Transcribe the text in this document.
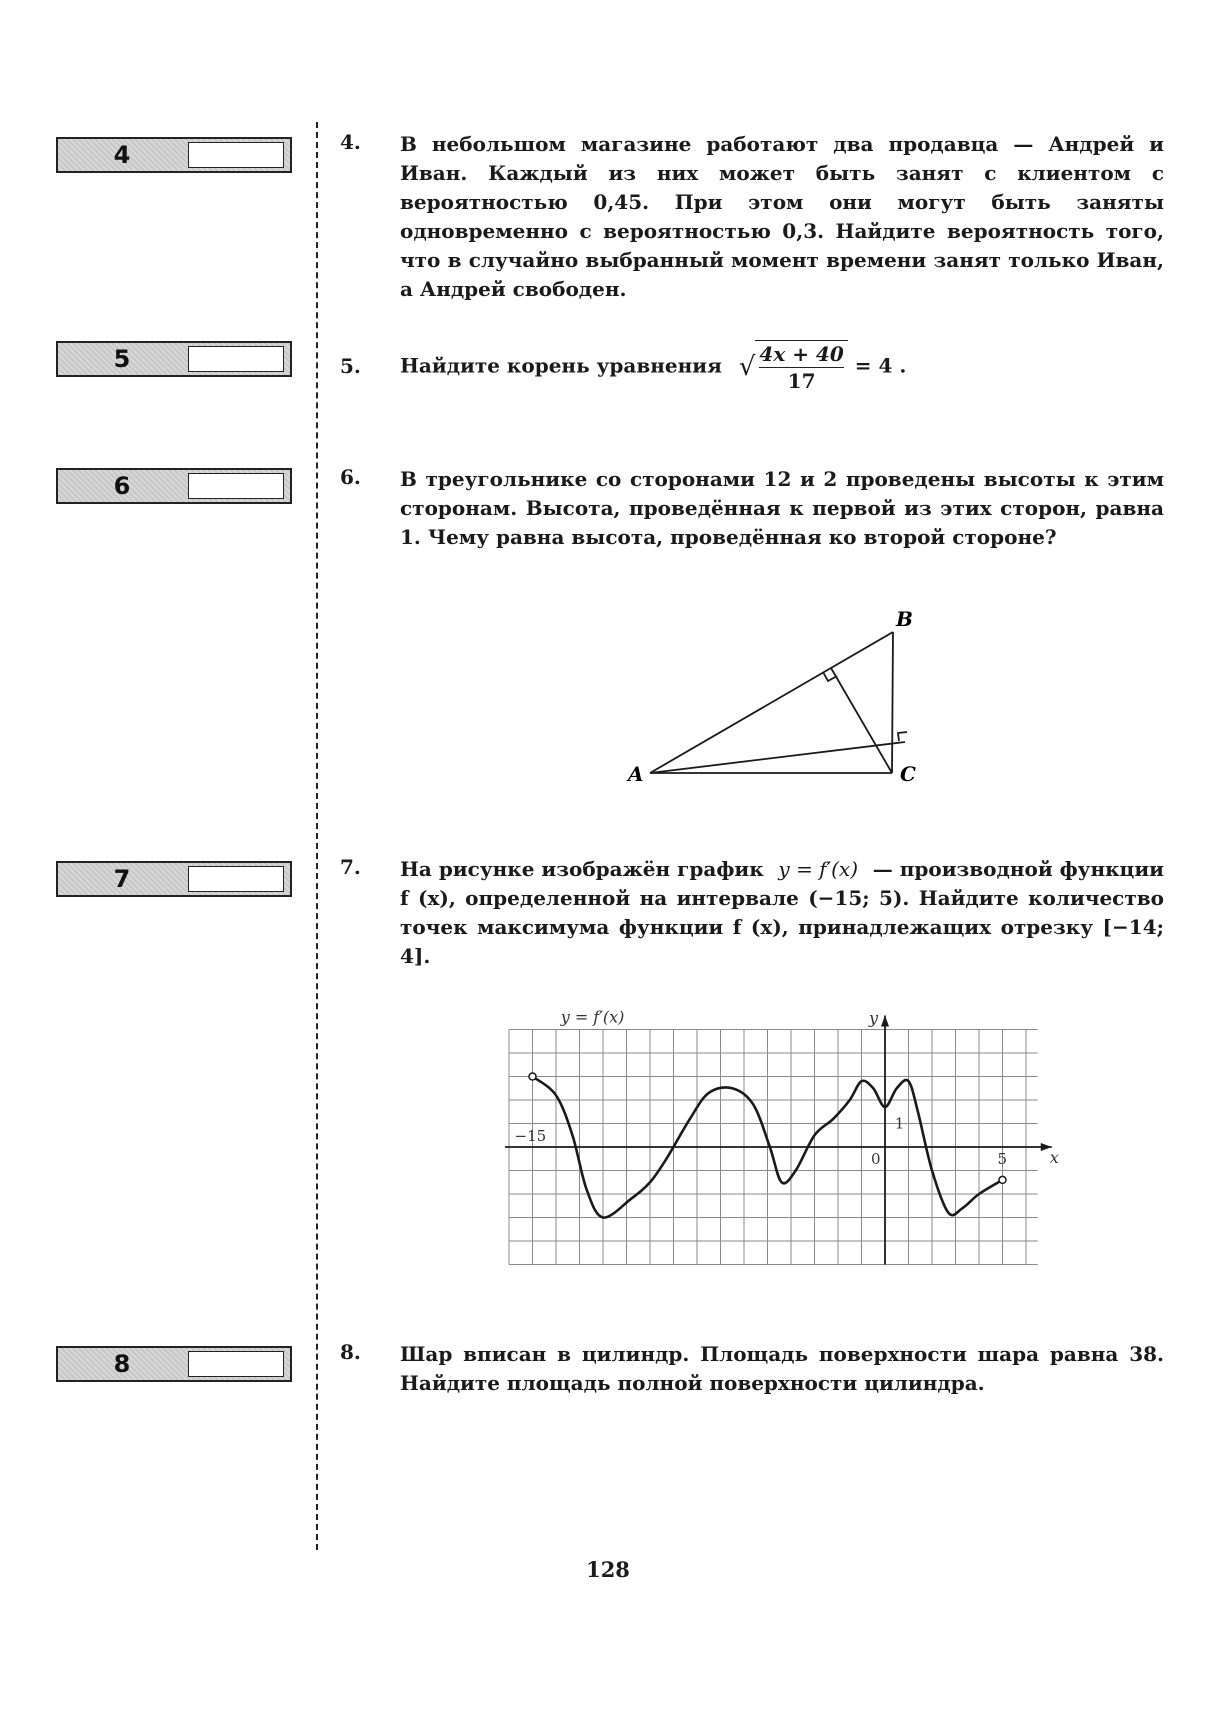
4
5
6
7
8
4. В небольшом магазине работают два продавца — Андрей и Иван. Каждый из них может быть занят с клиентом с вероятностью 0,45. При этом они могут быть заняты одновременно с вероятностью 0,3. Найдите вероятность того, что в случайно выбранный момент времени занят только Иван, а Андрей свободен.
5. Найдите корень уравнения √ $\frac{4x + 40}{17} = 4$ .
6. В треугольнике со сторонами 12 и 2 проведены высоты к этим сторонам. Высота, проведённая к первой из этих сторон, равна 1. Чему равна высота, проведённая ко второй стороне?
A
B
C
7. На рисунке изображён график y = f′(x) — производной функции
f (x), определенной на интервале (−15; 5). Найдите количество точек максимума функции f (x), принадлежащих отрезку [−14; 4].
y = f′(x)	y
x
−15
5
0
1
8. Шар вписан в цилиндр. Площадь поверхности шара равна 38. Найдите площадь полной поверхности цилиндра.
128
